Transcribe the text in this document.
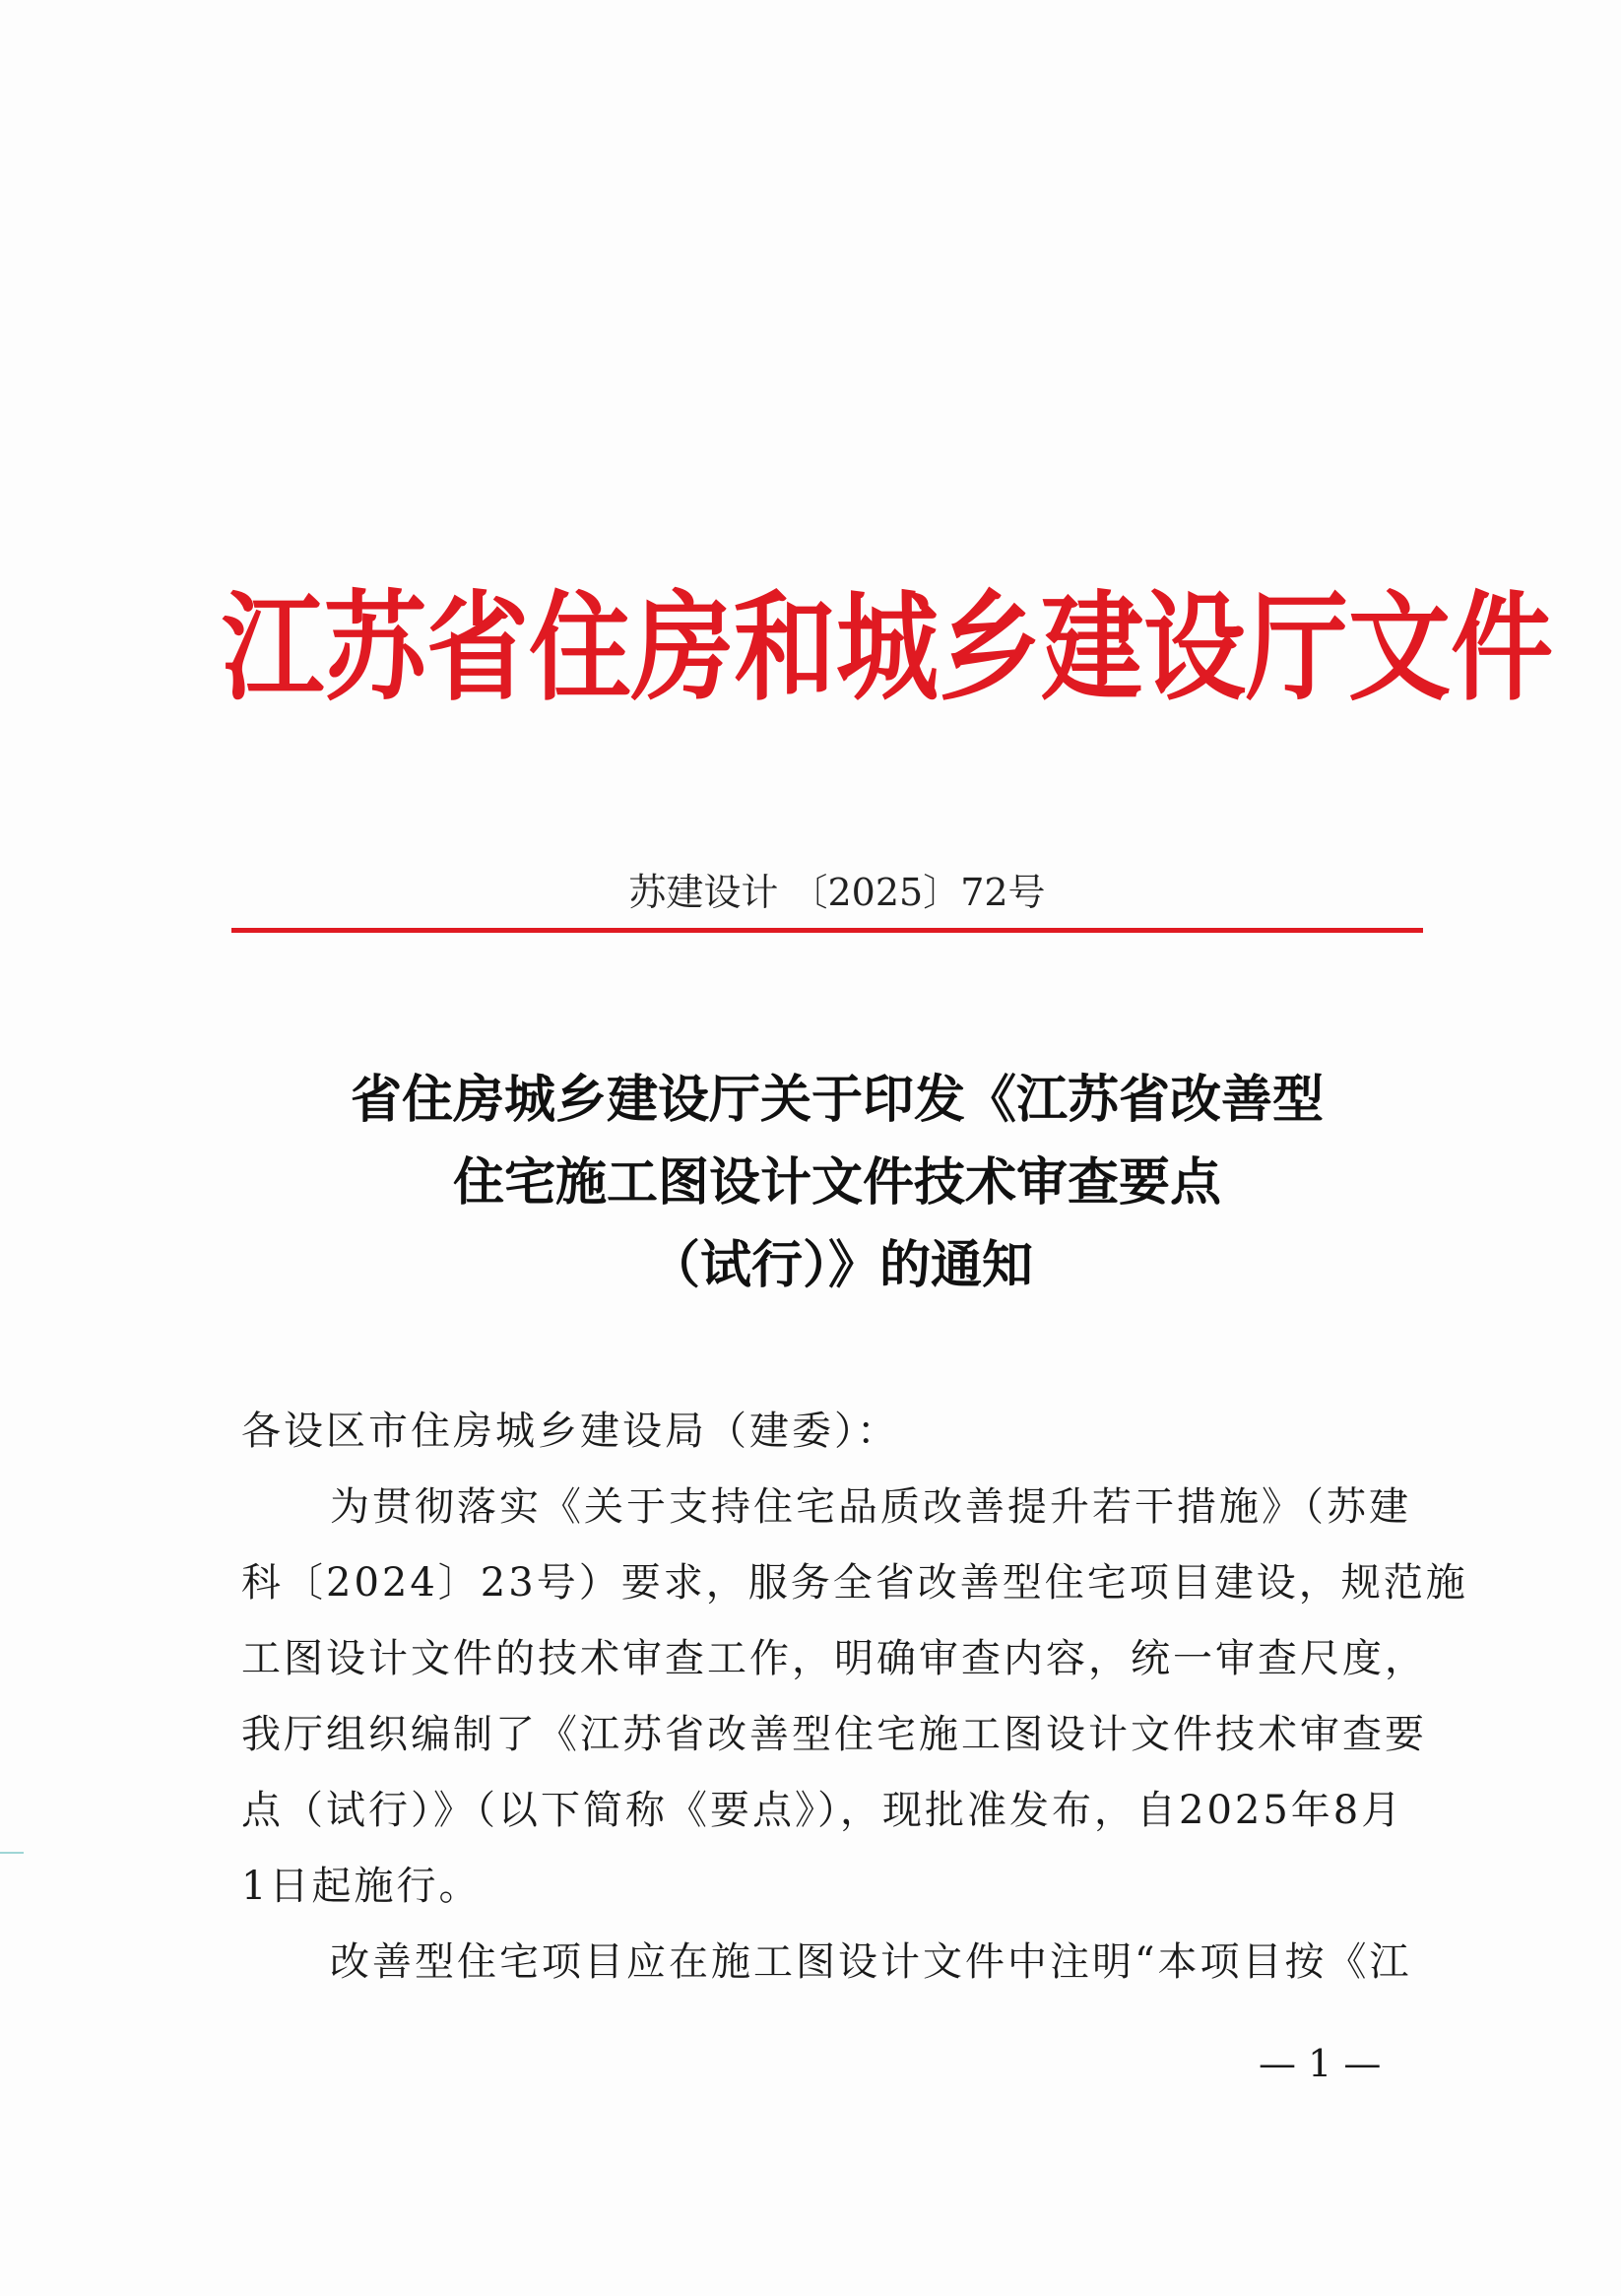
江苏省住房和城乡建设厅文件
苏建设计 〔2025〕72号
省住房城乡建设厅关于印发《江苏省改善型
住宅施工图设计文件技术审查要点
（试行）》的通知
各设区市住房城乡建设局（建委）：
为贯彻落实《关于支持住宅品质改善提升若干措施》（苏建
科〔2024〕23号）要求，服务全省改善型住宅项目建设，规范施
工图设计文件的技术审查工作，明确审查内容，统一审查尺度，
我厅组织编制了《江苏省改善型住宅施工图设计文件技术审查要
点（试行）》（以下简称《要点》），现批准发布，自2025年8月
1日起施行。
改善型住宅项目应在施工图设计文件中注明“本项目按《江
— 1 —
